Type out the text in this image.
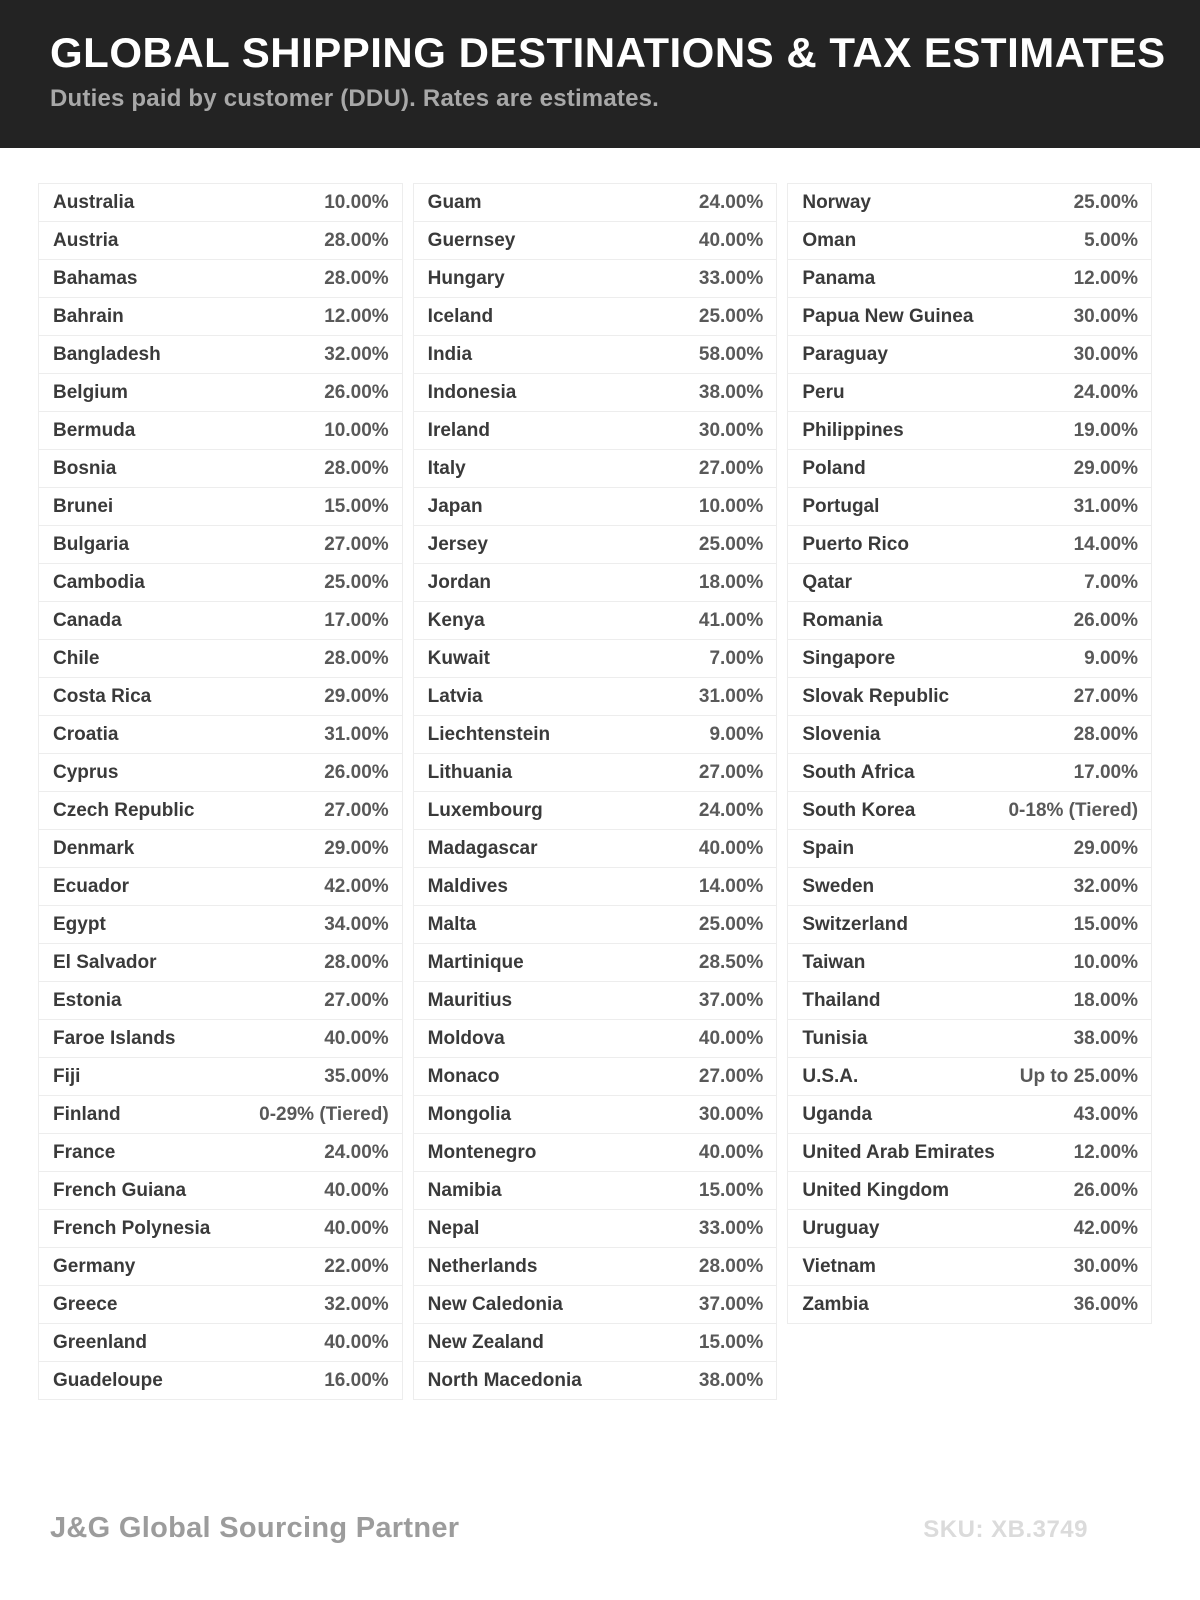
GLOBAL SHIPPING DESTINATIONS & TAX ESTIMATES
Duties paid by customer (DDU). Rates are estimates.
Australia	10.00%
Austria	28.00%
Bahamas	28.00%
Bahrain	12.00%
Bangladesh	32.00%
Belgium	26.00%
Bermuda	10.00%
Bosnia	28.00%
Brunei	15.00%
Bulgaria	27.00%
Cambodia	25.00%
Canada	17.00%
Chile	28.00%
Costa Rica	29.00%
Croatia	31.00%
Cyprus	26.00%
Czech Republic	27.00%
Denmark	29.00%
Ecuador	42.00%
Egypt	34.00%
El Salvador	28.00%
Estonia	27.00%
Faroe Islands	40.00%
Fiji	35.00%
Finland	0-29% (Tiered)
France	24.00%
French Guiana	40.00%
French Polynesia	40.00%
Germany	22.00%
Greece	32.00%
Greenland	40.00%
Guadeloupe	16.00%
Guam	24.00%
Guernsey	40.00%
Hungary	33.00%
Iceland	25.00%
India	58.00%
Indonesia	38.00%
Ireland	30.00%
Italy	27.00%
Japan	10.00%
Jersey	25.00%
Jordan	18.00%
Kenya	41.00%
Kuwait	7.00%
Latvia	31.00%
Liechtenstein	9.00%
Lithuania	27.00%
Luxembourg	24.00%
Madagascar	40.00%
Maldives	14.00%
Malta	25.00%
Martinique	28.50%
Mauritius	37.00%
Moldova	40.00%
Monaco	27.00%
Mongolia	30.00%
Montenegro	40.00%
Namibia	15.00%
Nepal	33.00%
Netherlands	28.00%
New Caledonia	37.00%
New Zealand	15.00%
North Macedonia	38.00%
Norway	25.00%
Oman	5.00%
Panama	12.00%
Papua New Guinea	30.00%
Paraguay	30.00%
Peru	24.00%
Philippines	19.00%
Poland	29.00%
Portugal	31.00%
Puerto Rico	14.00%
Qatar	7.00%
Romania	26.00%
Singapore	9.00%
Slovak Republic	27.00%
Slovenia	28.00%
South Africa	17.00%
South Korea	0-18% (Tiered)
Spain	29.00%
Sweden	32.00%
Switzerland	15.00%
Taiwan	10.00%
Thailand	18.00%
Tunisia	38.00%
U.S.A.	Up to 25.00%
Uganda	43.00%
United Arab Emirates	12.00%
United Kingdom	26.00%
Uruguay	42.00%
Vietnam	30.00%
Zambia	36.00%
J&G Global Sourcing Partner	SKU: XB.3749
